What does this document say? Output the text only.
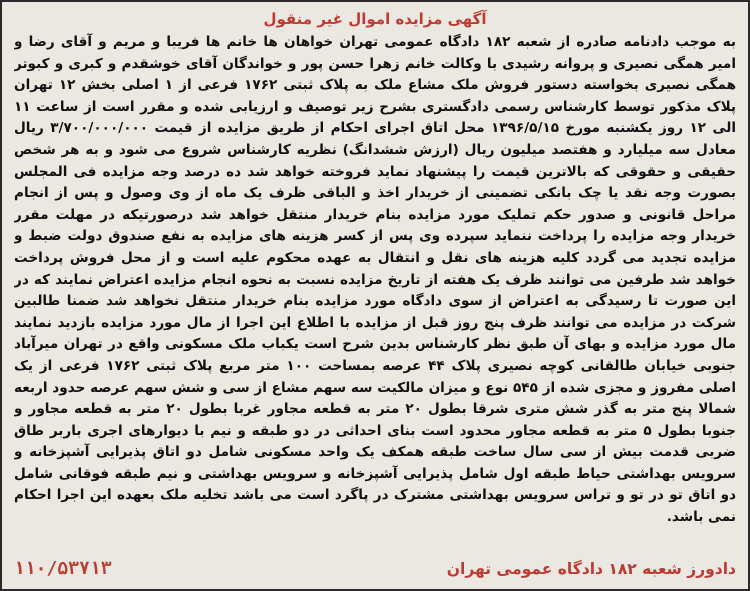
آگهی مزایده اموال غیر منقول

به موجب دادنامه صادره از شعبه ۱۸۲ دادگاه عمومی تهران خواهان ها خانم ها فریبا و مریم و آقای رضا و امیر همگی نصیری و پروانه رشیدی با وکالت خانم زهرا حسن پور و خواندگان آقای خوشقدم و کبری و کبوتر همگی نصیری بخواسته دستور فروش ملک مشاع ملک به پلاک ثبتی ۱۷۶۲ فرعی از ۱ اصلی بخش ۱۲ تهران پلاک مذکور توسط کارشناس رسمی دادگستری بشرح زیر توصیف و ارزیابی شده و مقرر است از ساعت ۱۱ الی ۱۲ روز یکشنبه مورخ ۱۳۹۶/۵/۱۵ محل اتاق اجرای احکام از طریق مزایده از قیمت ۳/۷۰۰/۰۰۰/۰۰۰ ریال معادل سه میلیارد و هفتصد میلیون ریال (ارزش ششدانگ) نظریه کارشناس شروع می شود و به هر شخص حقیقی و حقوقی که بالاترین قیمت را پیشنهاد نماید فروخته خواهد شد ده درصد وجه مزایده فی المجلس بصورت وجه نقد یا چک بانکی تضمینی از خریدار اخذ و الباقی ظرف یک ماه از وی وصول و پس از انجام مراحل قانونی و صدور حکم تملیک مورد مزایده بنام خریدار منتقل خواهد شد درصورتیکه در مهلت مقرر خریدار وجه مزایده را پرداخت ننماید سپرده وی پس از کسر هزینه های مزایده به نفع صندوق دولت ضبط و مزایده تجدید می گردد کلیه هزینه های نقل و انتقال به عهده محکوم علیه است و از محل فروش پرداخت خواهد شد طرفین می توانند ظرف یک هفته از تاریخ مزایده نسبت به نحوه انجام مزایده اعتراض نمایند که در این صورت تا رسیدگی به اعتراض از سوی دادگاه مورد مزایده بنام خریدار منتقل نخواهد شد ضمنا طالبین شرکت در مزایده می توانند ظرف پنج روز قبل از مزایده با اطلاع این اجرا از مال مورد مزایده بازدید نمایند مال مورد مزایده و بهای آن طبق نظر کارشناس بدین شرح است یکباب ملک مسکونی واقع در تهران میرآباد جنوبی خیابان طالقانی کوچه نصیری پلاک ۴۴ عرصه بمساحت ۱۰۰ متر مربع پلاک ثبتی ۱۷۶۲ فرعی از یک اصلی مفروز و مجزی شده از ۵۴۵ نوع و میزان مالکیت سه سهم مشاع از سی و شش سهم عرصه حدود اربعه شمالا پنج متر به گذر شش متری شرقا بطول ۲۰ متر به قطعه مجاور غربا بطول ۲۰ متر به قطعه مجاور و جنوبا بطول ۵ متر به قطعه مجاور محدود است بنای احداثی در دو طبقه و نیم با دیوارهای اجری باربر طاق ضربی قدمت بیش از سی سال ساخت طبقه همکف یک واحد مسکونی شامل دو اتاق پذیرایی آشپزخانه و سرویس بهداشتی حیاط طبقه اول شامل پذیرایی آشپزخانه و سرویس بهداشتی و نیم طبقه فوقانی شامل دو اتاق تو در تو و تراس سرویس بهداشتی مشترک در پاگرد است می باشد تخلیه ملک بعهده این اجرا احکام نمی باشد.

دادورز شعبه ۱۸۲ دادگاه عمومی تهران
۱۱۰/۵۳۷۱۳
